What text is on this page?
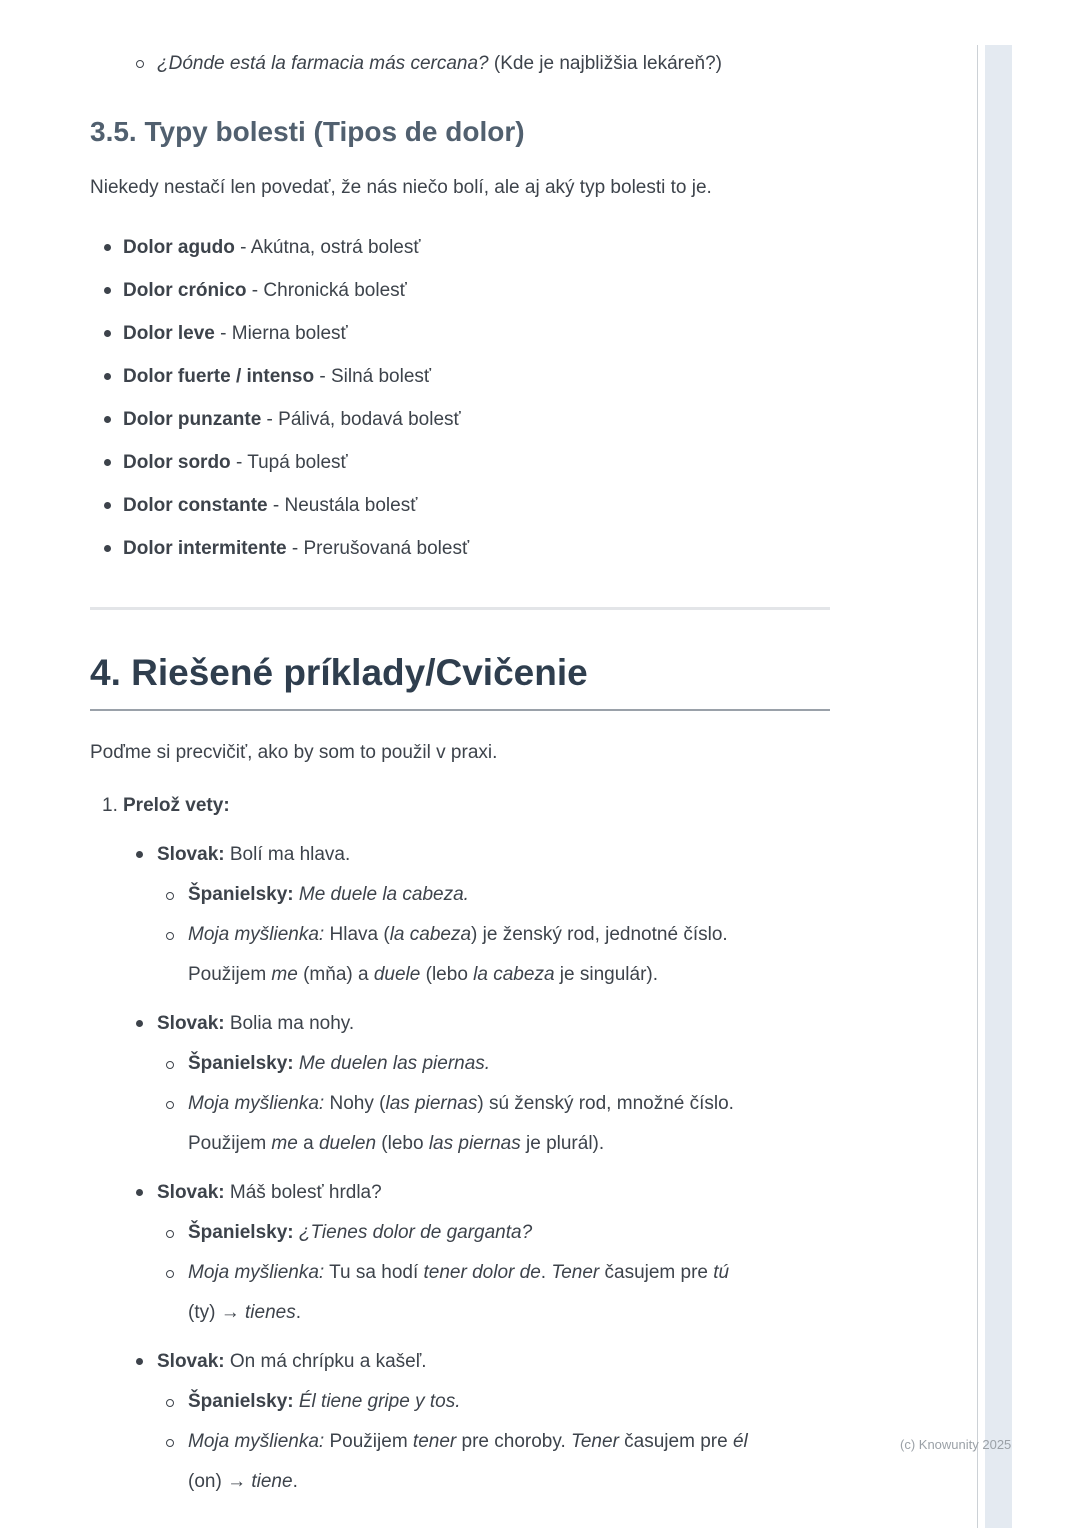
¿Dónde está la farmacia más cercana? (Kde je najbližšia lekáreň?)
3.5. Typy bolesti (Tipos de dolor)

Niekedy nestačí len povedať, že nás niečo bolí, ale aj aký typ bolesti to je.

Dolor agudo - Akútna, ostrá bolesť
Dolor crónico - Chronická bolesť
Dolor leve - Mierna bolesť
Dolor fuerte / intenso - Silná bolesť
Dolor punzante - Pálivá, bodavá bolesť
Dolor sordo - Tupá bolesť
Dolor constante - Neustála bolesť
Dolor intermitente - Prerušovaná bolesť
4. Riešené príklady/Cvičenie

Poďme si precvičiť, ako by som to použil v praxi.

1. Prelož vety:
Slovak: Bolí ma hlava.
Španielsky: Me duele la cabeza.
Moja myšlienka: Hlava (la cabeza) je ženský rod, jednotné číslo.
Použijem me (mňa) a duele (lebo la cabeza je singulár).
Slovak: Bolia ma nohy.
Španielsky: Me duelen las piernas.
Moja myšlienka: Nohy (las piernas) sú ženský rod, množné číslo.
Použijem me a duelen (lebo las piernas je plurál).
Slovak: Máš bolesť hrdla?
Španielsky: ¿Tienes dolor de garganta?
Moja myšlienka: Tu sa hodí tener dolor de. Tener časujem pre tú
(ty) → tienes.
Slovak: On má chrípku a kašeľ.
Španielsky: Él tiene gripe y tos.
Moja myšlienka: Použijem tener pre choroby. Tener časujem pre él
(on) → tiene.
(c) Knowunity 2025
